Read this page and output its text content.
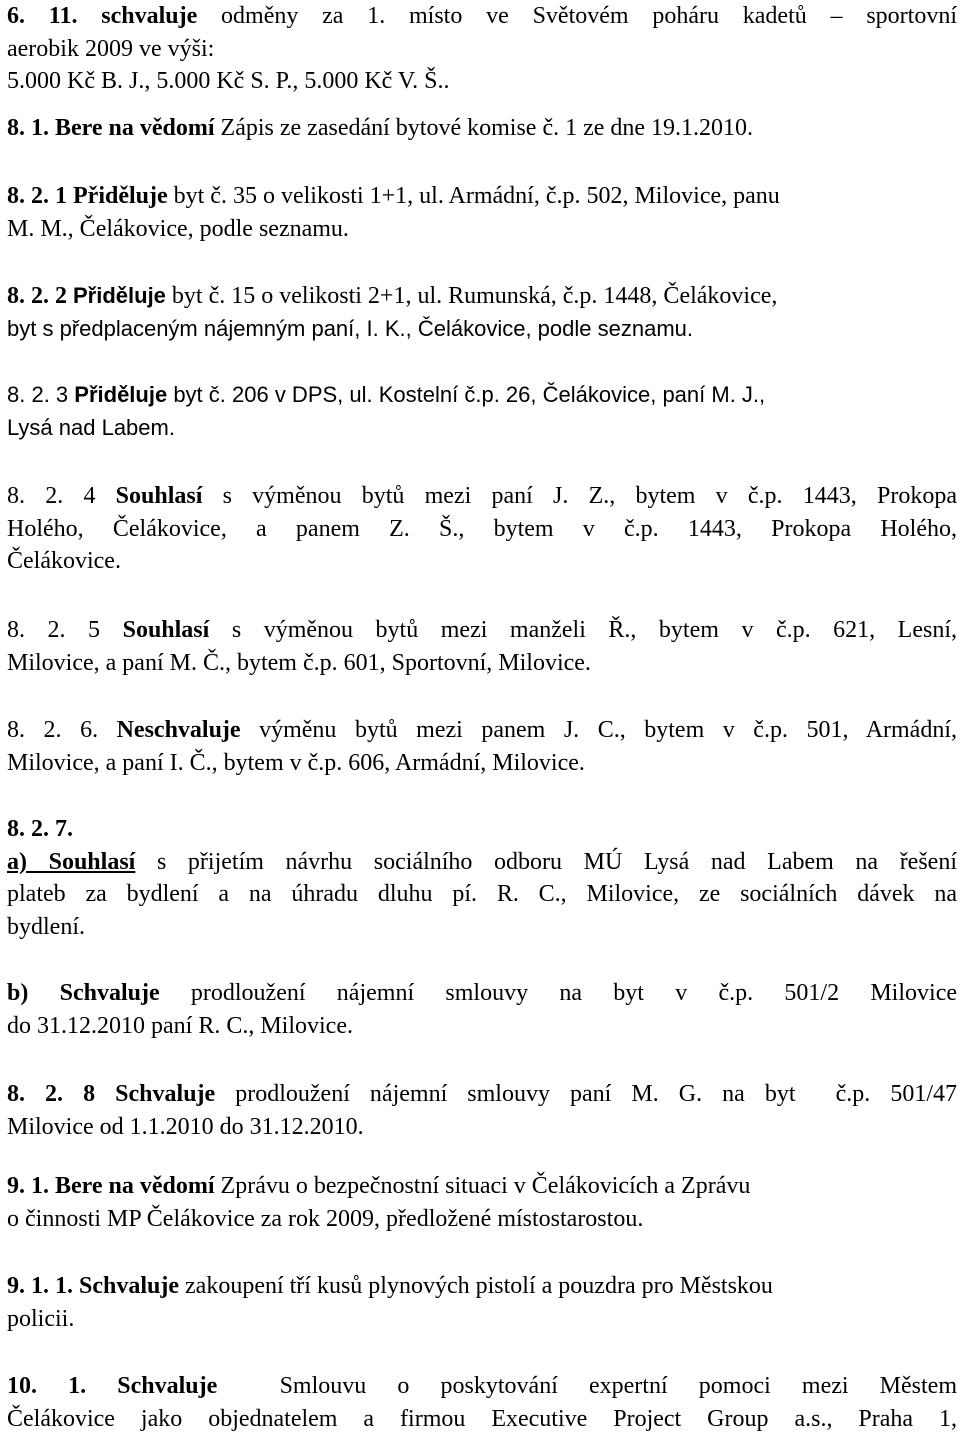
6. 11. schvaluje odměny za 1. místo ve Světovém poháru kadetů – sportovní
aerobik 2009 ve výši:
5.000 Kč B. J., 5.000 Kč S. P., 5.000 Kč V. Š..
8. 1. Bere na vědomí Zápis ze zasedání bytové komise č. 1 ze dne 19.1.2010.
8. 2. 1 Přiděluje byt č. 35 o velikosti 1+1, ul. Armádní, č.p. 502, Milovice, panu
M. M., Čelákovice, podle seznamu.
8. 2. 2 Přiděluje byt č. 15 o velikosti 2+1, ul. Rumunská, č.p. 1448, Čelákovice,
byt s předplaceným nájemným paní, I. K., Čelákovice, podle seznamu.
8. 2. 3 Přiděluje byt č. 206 v DPS, ul. Kostelní č.p. 26, Čelákovice, paní M. J.,
Lysá nad Labem.
8. 2. 4 Souhlasí s výměnou bytů mezi paní J. Z., bytem v č.p. 1443, Prokopa
Holého, Čelákovice, a panem Z. Š., bytem v č.p. 1443, Prokopa Holého,
Čelákovice.
8. 2. 5 Souhlasí s výměnou bytů mezi manželi Ř., bytem v č.p. 621, Lesní,
Milovice, a paní M. Č., bytem č.p. 601, Sportovní, Milovice.
8. 2. 6. Neschvaluje výměnu bytů mezi panem J. C., bytem v č.p. 501, Armádní,
Milovice, a paní I. Č., bytem v č.p. 606, Armádní, Milovice.
8. 2. 7.
a) Souhlasí s přijetím návrhu sociálního odboru MÚ Lysá nad Labem na řešení
plateb za bydlení a na úhradu dluhu pí. R. C., Milovice, ze sociálních dávek na
bydlení.
b) Schvaluje prodloužení nájemní smlouvy na byt v č.p. 501/2 Milovice
do 31.12.2010 paní R. C., Milovice.
8. 2. 8 Schvaluje prodloužení nájemní smlouvy paní M. G. na byt  č.p. 501/47
Milovice od 1.1.2010 do 31.12.2010.
9. 1. Bere na vědomí Zprávu o bezpečnostní situaci v Čelákovicích a Zprávu
o činnosti MP Čelákovice za rok 2009, předložené místostarostou.
9. 1. 1. Schvaluje zakoupení tří kusů plynových pistolí a pouzdra pro Městskou
policii.
10. 1. Schvaluje  Smlouvu o poskytování expertní pomoci mezi Městem
Čelákovice jako objednatelem a firmou Executive Project Group a.s., Praha 1,
